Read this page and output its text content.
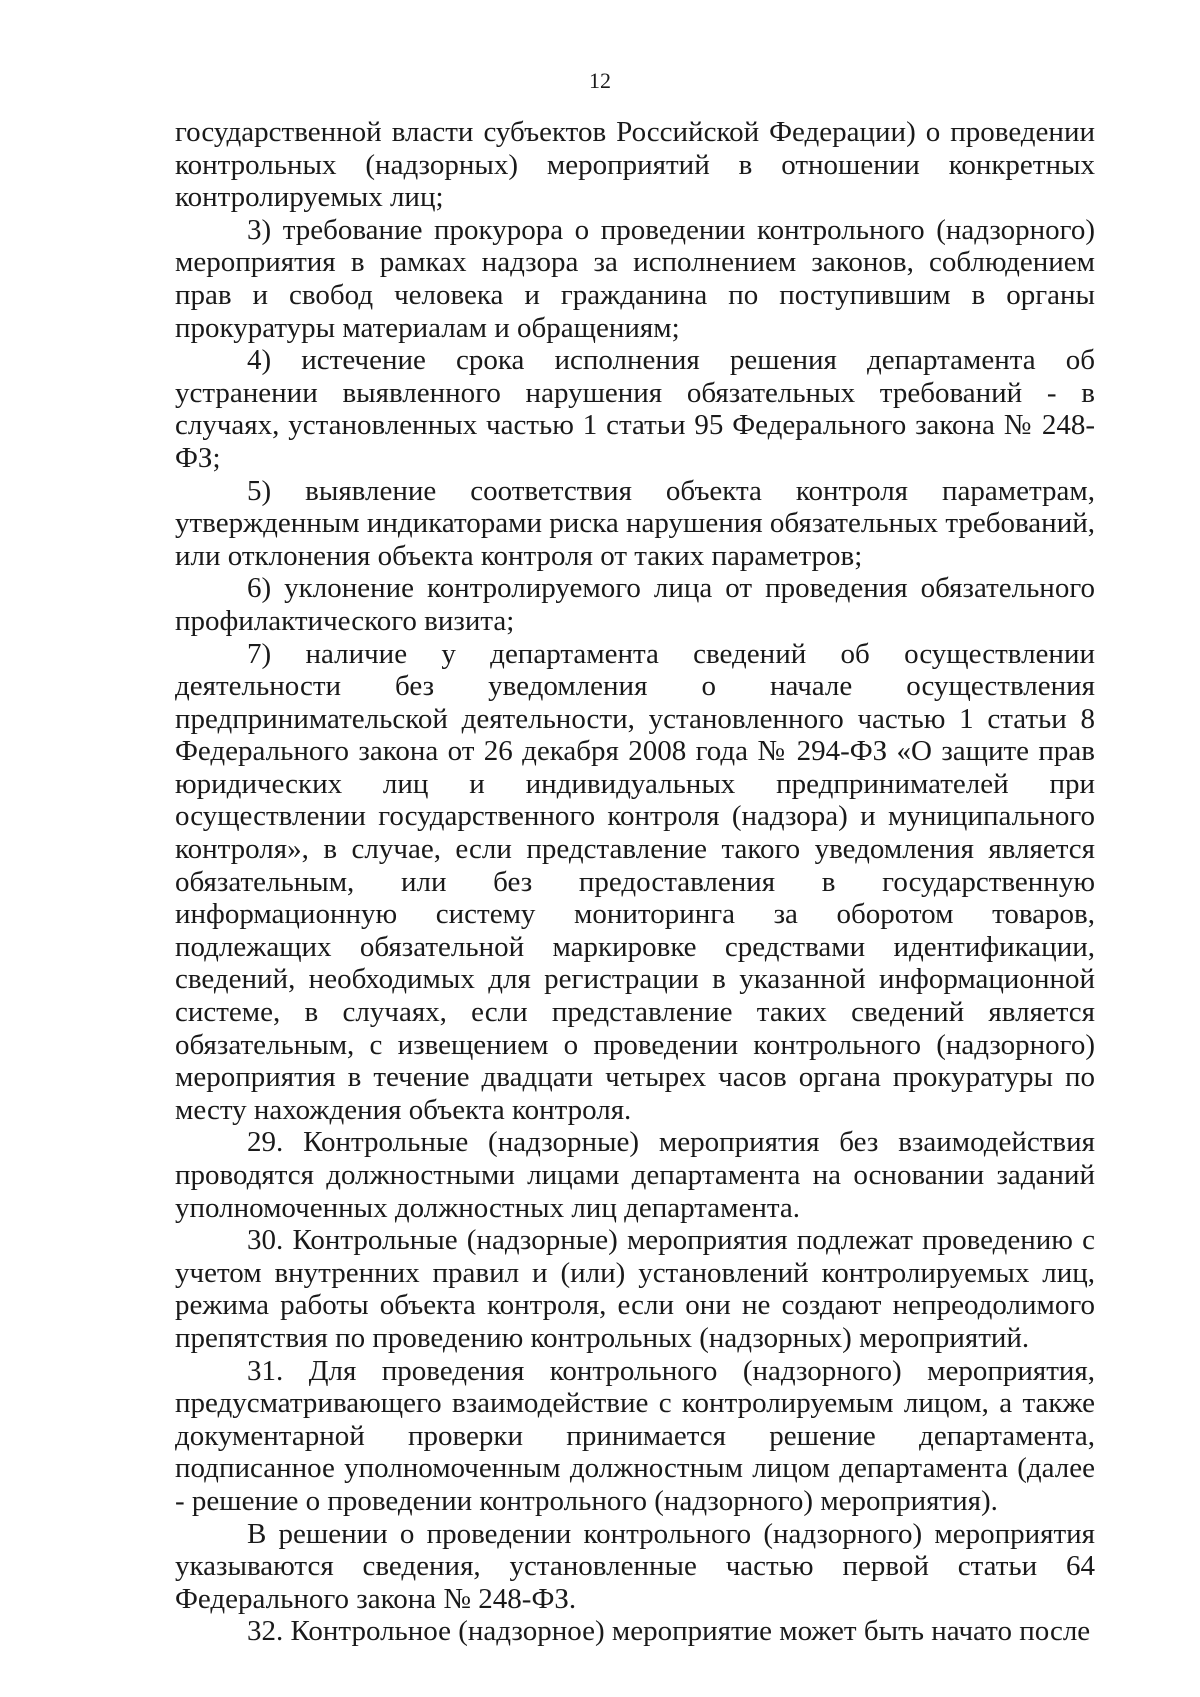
12

государственной власти субъектов Российской Федерации) о проведении контрольных (надзорных) мероприятий в отношении конкретных контролируемых лиц;

3) требование прокурора о проведении контрольного (надзорного) мероприятия в рамках надзора за исполнением законов, соблюдением прав и свобод человека и гражданина по поступившим в органы прокуратуры материалам и обращениям;

4) истечение срока исполнения решения департамента об устранении выявленного нарушения обязательных требований - в случаях, установленных частью 1 статьи 95 Федерального закона № 248-ФЗ;

5) выявление соответствия объекта контроля параметрам, утвержденным индикаторами риска нарушения обязательных требований, или отклонения объекта контроля от таких параметров;

6) уклонение контролируемого лица от проведения обязательного профилактического визита;

7) наличие у департамента сведений об осуществлении деятельности без уведомления о начале осуществления предпринимательской деятельности, установленного частью 1 статьи 8 Федерального закона от 26 декабря 2008 года № 294-ФЗ «О защите прав юридических лиц и индивидуальных предпринимателей при осуществлении государственного контроля (надзора) и муниципального контроля», в случае, если представление такого уведомления является обязательным, или без предоставления в государственную информационную систему мониторинга за оборотом товаров, подлежащих обязательной маркировке средствами идентификации, сведений, необходимых для регистрации в указанной информационной системе, в случаях, если представление таких сведений является обязательным, с извещением о проведении контрольного (надзорного) мероприятия в течение двадцати четырех часов органа прокуратуры по месту нахождения объекта контроля.

29. Контрольные (надзорные) мероприятия без взаимодействия проводятся должностными лицами департамента на основании заданий уполномоченных должностных лиц департамента.

30. Контрольные (надзорные) мероприятия подлежат проведению с учетом внутренних правил и (или) установлений контролируемых лиц, режима работы объекта контроля, если они не создают непреодолимого препятствия по проведению контрольных (надзорных) мероприятий.

31. Для проведения контрольного (надзорного) мероприятия, предусматривающего взаимодействие с контролируемым лицом, а также документарной проверки принимается решение департамента, подписанное уполномоченным должностным лицом департамента (далее - решение о проведении контрольного (надзорного) мероприятия).

В решении о проведении контрольного (надзорного) мероприятия указываются сведения, установленные частью первой статьи 64 Федерального закона № 248-ФЗ.

32. Контрольное (надзорное) мероприятие может быть начато после
